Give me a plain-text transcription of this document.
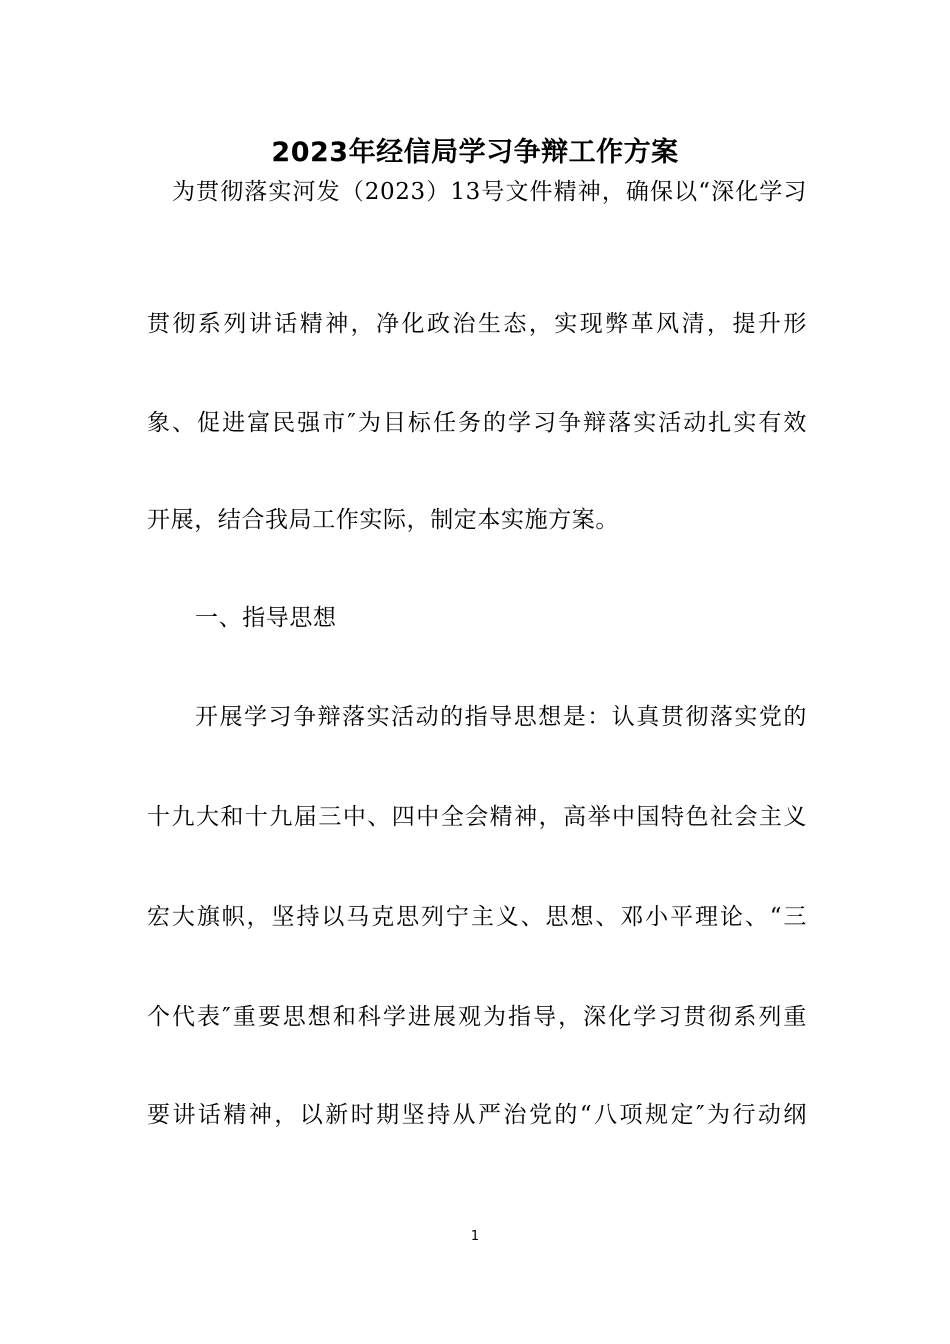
2023年经信局学习争辩工作方案
为贯彻落实河发（2023）13号文件精神，确保以“深化学习
贯彻系列讲话精神，净化政治生态，实现弊革风清，提升形
象、促进富民强市″为目标任务的学习争辩落实活动扎实有效
开展，结合我局工作实际，制定本实施方案。
一、指导思想
开展学习争辩落实活动的指导思想是：认真贯彻落实党的
十九大和十九届三中、四中全会精神，高举中国特色社会主义
宏大旗帜，坚持以马克思列宁主义、思想、邓小平理论、“三
个代表″重要思想和科学进展观为指导，深化学习贯彻系列重
要讲话精神，以新时期坚持从严治党的“八项规定″为行动纲
1
